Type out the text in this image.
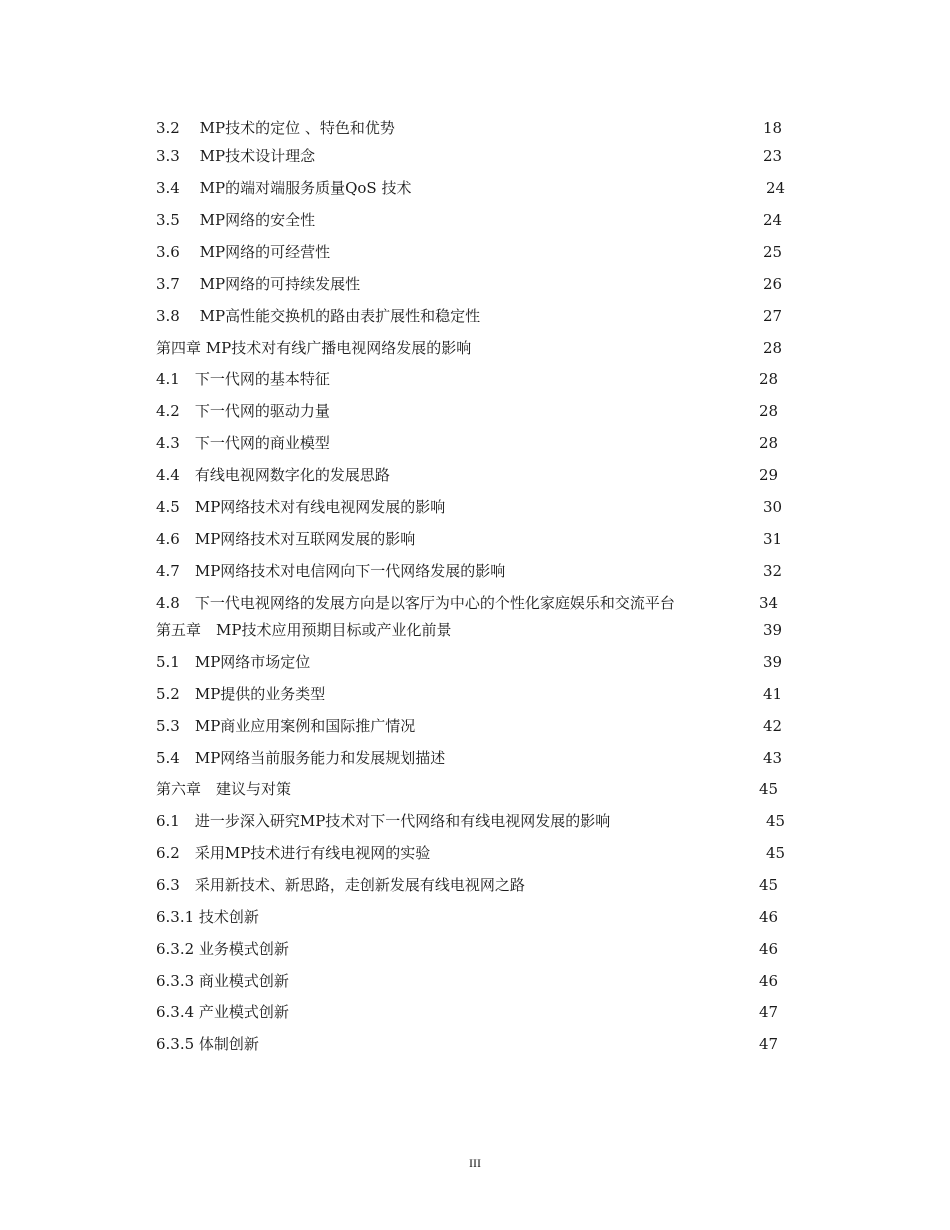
3.2　 MP技术的定位 、特色和优势	18
3.3　 MP技术设计理念	23
3.4　 MP的端对端服务质量QoS 技术	24
3.5　 MP网络的安全性	24
3.6　 MP网络的可经营性	25
3.7　 MP网络的可持续发展性	26
3.8　 MP高性能交换机的路由表扩展性和稳定性	27
第四章 MP技术对有线广播电视网络发展的影响	28
4.1　下一代网的基本特征	28
4.2　下一代网的驱动力量	28
4.3　下一代网的商业模型	28
4.4　有线电视网数字化的发展思路	29
4.5　MP网络技术对有线电视网发展的影响	30
4.6　MP网络技术对互联网发展的影响	31
4.7　MP网络技术对电信网向下一代网络发展的影响	32
4.8　下一代电视网络的发展方向是以客厅为中心的个性化家庭娱乐和交流平台	34
第五章　MP技术应用预期目标或产业化前景	39
5.1　MP网络市场定位	39
5.2　MP提供的业务类型	41
5.3　MP商业应用案例和国际推广情况	42
5.4　MP网络当前服务能力和发展规划描述	43
第六章　建议与对策	45
6.1　进一步深入研究MP技术对下一代网络和有线电视网发展的影响	45
6.2　采用MP技术进行有线电视网的实验	45
6.3　采用新技术、新思路，走创新发展有线电视网之路	45
6.3.1 技术创新	46
6.3.2 业务模式创新	46
6.3.3 商业模式创新	46
6.3.4 产业模式创新	47
6.3.5 体制创新	47
III
